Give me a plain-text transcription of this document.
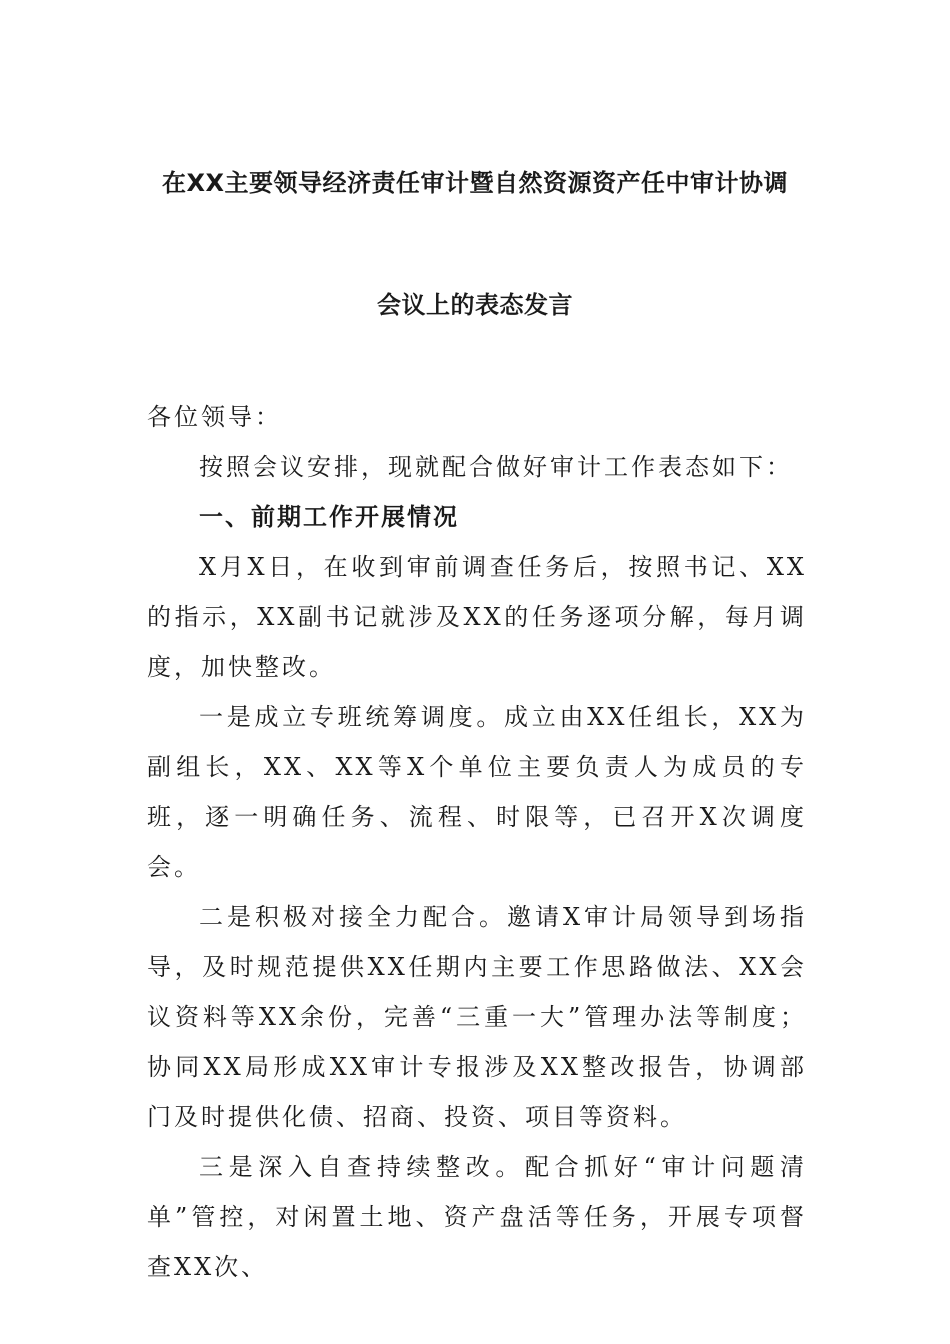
在XX主要领导经济责任审计暨自然资源资产任中审计协调
会议上的表态发言

各位领导：

按照会议安排，现就配合做好审计工作表态如下：

一、前期工作开展情况

X月X日，在收到审前调查任务后，按照书记、XX的指示，XX副书记就涉及XX的任务逐项分解，每月调度，加快整改。

一是成立专班统筹调度。成立由XX任组长，XX为副组长，XX、XX等X个单位主要负责人为成员的专班，逐一明确任务、流程、时限等，已召开X次调度会。

二是积极对接全力配合。邀请X审计局领导到场指导，及时规范提供XX任期内主要工作思路做法、XX会议资料等XX余份，完善“三重一大”管理办法等制度；协同XX局形成XX审计专报涉及XX整改报告，协调部门及时提供化债、招商、投资、项目等资料。

三是深入自查持续整改。配合抓好“审计问题清单”管控，对闲置土地、资产盘活等任务，开展专项督查XX次、
